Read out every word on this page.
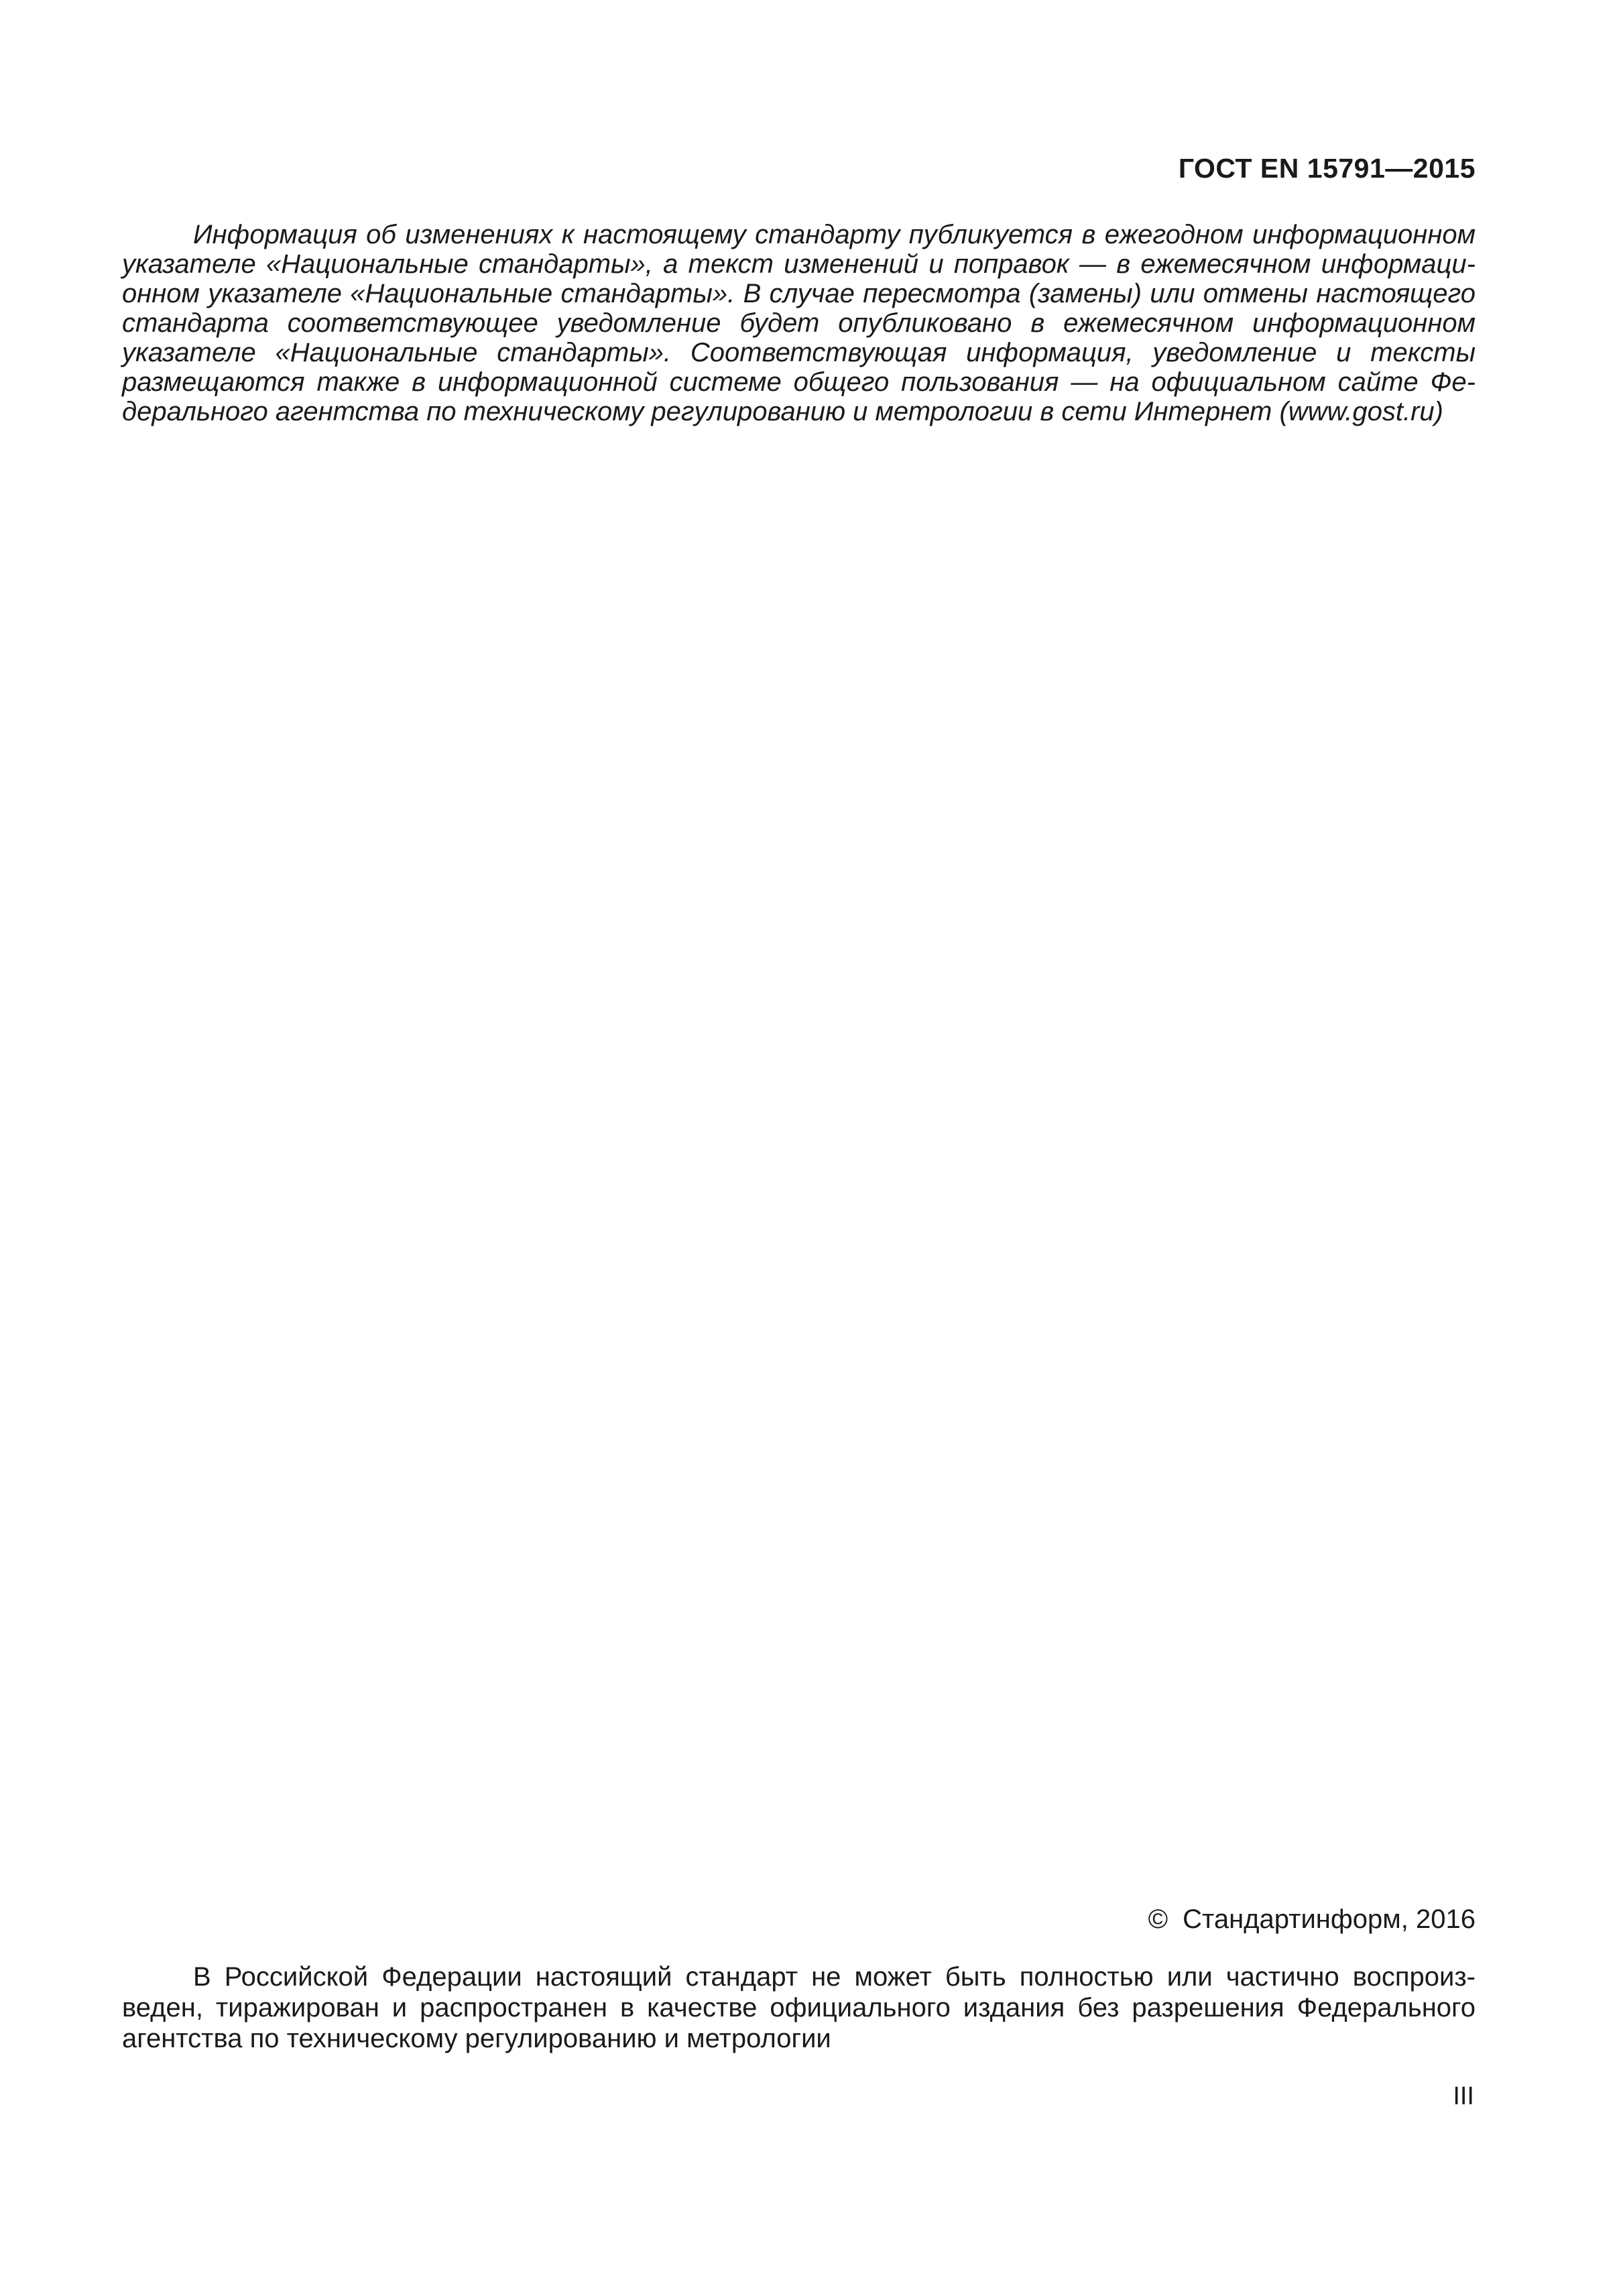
ГОСТ EN 15791—2015
Информация об изменениях к настоящему стандарту публикуется в ежегодном информационном
указателе «Национальные стандарты», а текст изменений и поправок — в ежемесячном информаци-
онном указателе «Национальные стандарты». В случае пересмотра (замены) или отмены настоящего
стандарта соответствующее уведомление будет опубликовано в ежемесячном информационном
указателе «Национальные стандарты». Соответствующая информация, уведомление и тексты
размещаются также в информационной системе общего пользования — на официальном сайте Фе-
дерального агентства по техническому регулированию и метрологии в сети Интернет (www.gost.ru)
© Стандартинформ, 2016
В Российской Федерации настоящий стандарт не может быть полностью или частично воспроиз-
веден, тиражирован и распространен в качестве официального издания без разрешения Федерального
агентства по техническому регулированию и метрологии
III
